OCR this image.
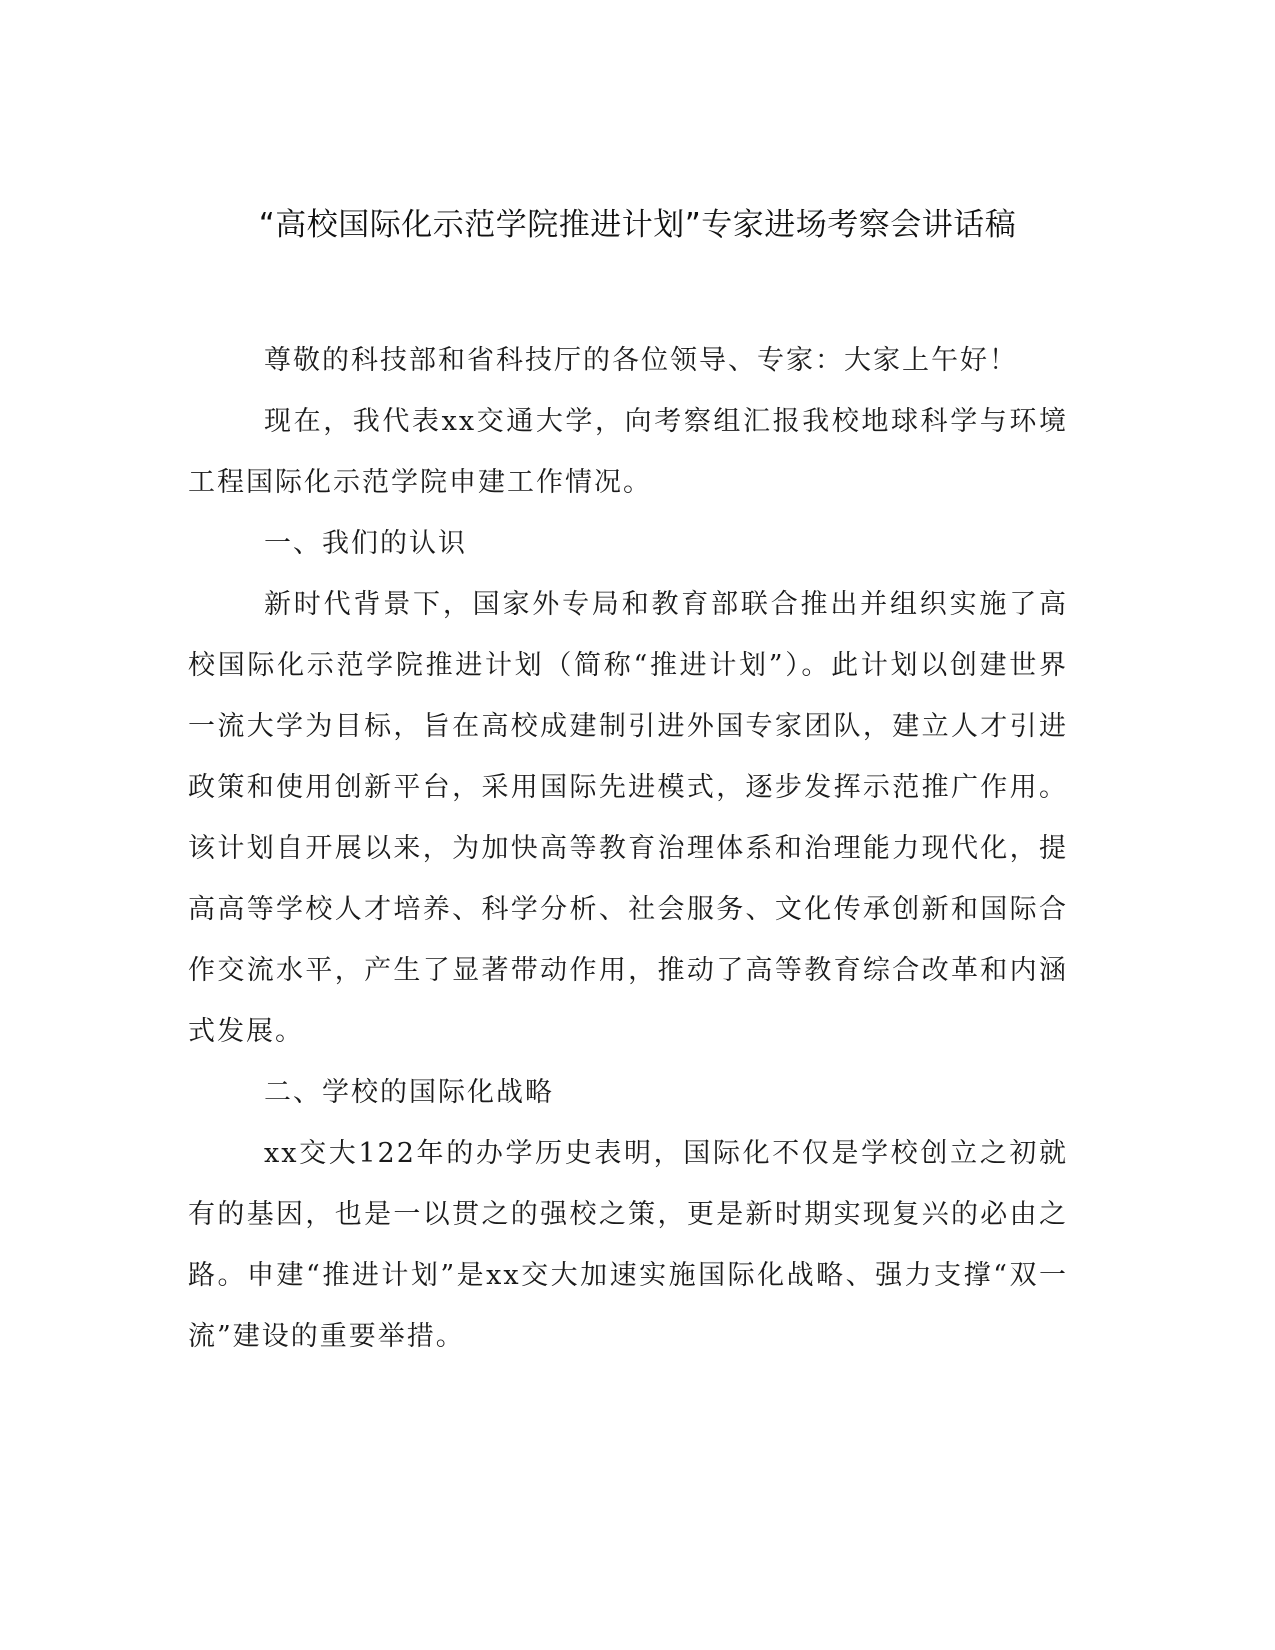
“高校国际化示范学院推进计划”专家进场考察会讲话稿

尊敬的科技部和省科技厅的各位领导、专家：大家上午好！

现在，我代表xx交通大学，向考察组汇报我校地球科学与环境工程国际化示范学院申建工作情况。

一、我们的认识

新时代背景下，国家外专局和教育部联合推出并组织实施了高校国际化示范学院推进计划（简称“推进计划”）。此计划以创建世界一流大学为目标，旨在高校成建制引进外国专家团队，建立人才引进政策和使用创新平台，采用国际先进模式，逐步发挥示范推广作用。该计划自开展以来，为加快高等教育治理体系和治理能力现代化，提高高等学校人才培养、科学分析、社会服务、文化传承创新和国际合作交流水平，产生了显著带动作用，推动了高等教育综合改革和内涵式发展。

二、学校的国际化战略

xx交大122年的办学历史表明，国际化不仅是学校创立之初就有的基因，也是一以贯之的强校之策，更是新时期实现复兴的必由之路。申建“推进计划”是xx交大加速实施国际化战略、强力支撑“双一流”建设的重要举措。
